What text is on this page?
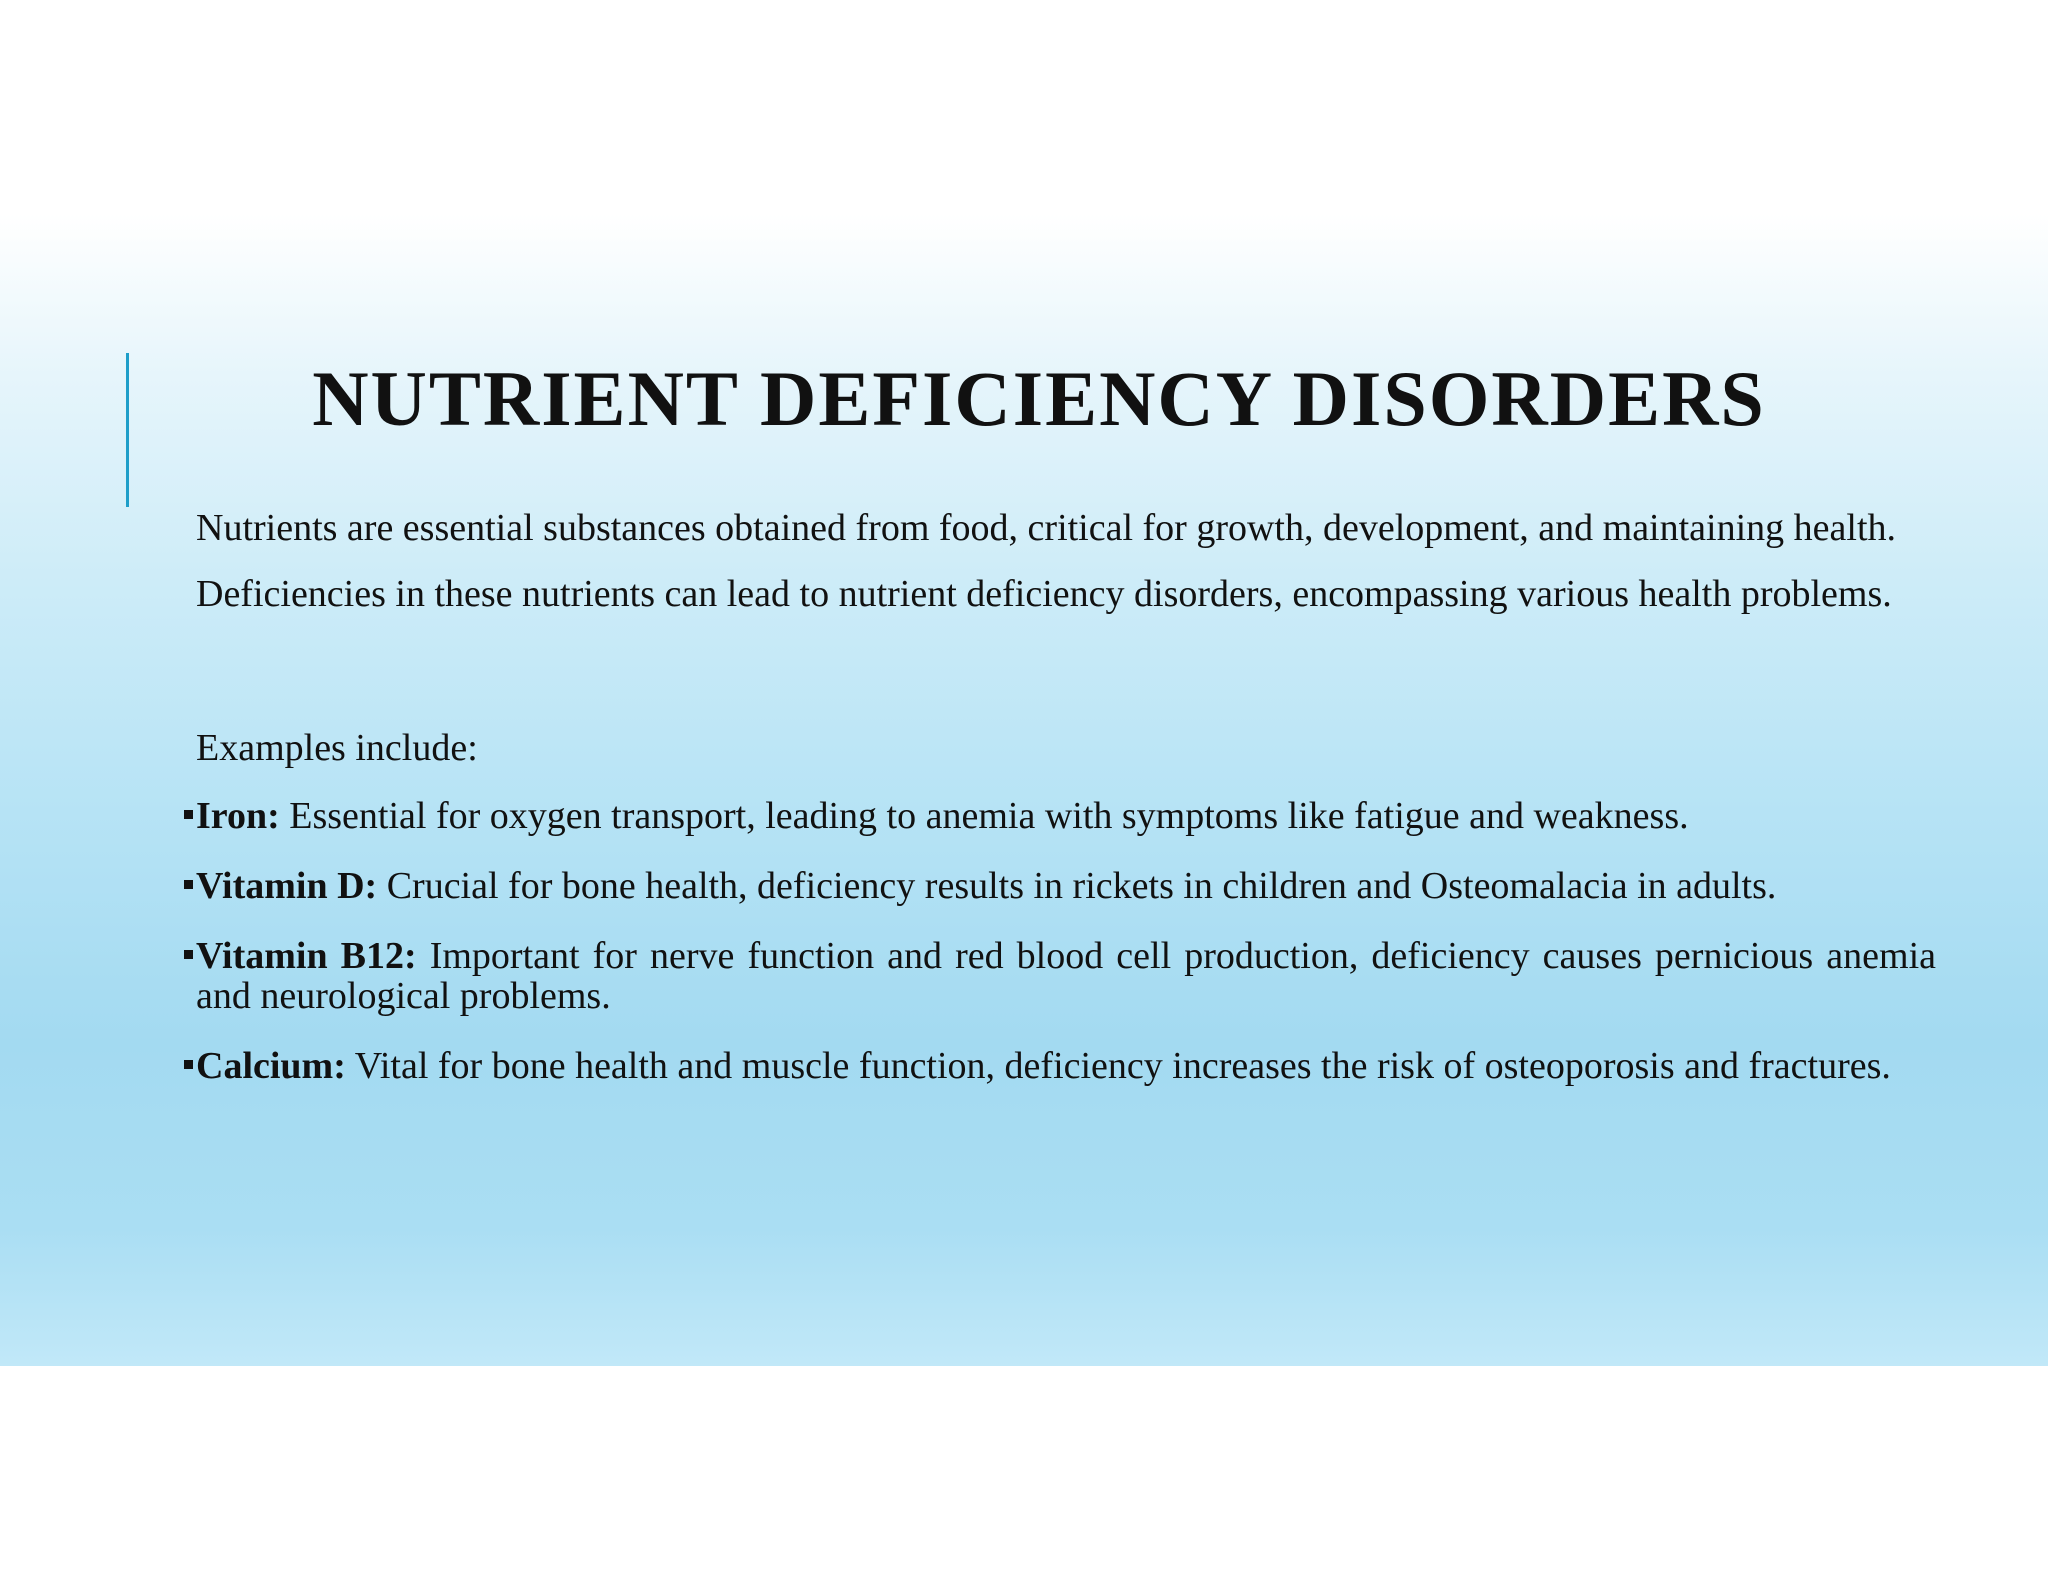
NUTRIENT DEFICIENCY DISORDERS

Nutrients are essential substances obtained from food, critical for growth, development, and maintaining health.

Deficiencies in these nutrients can lead to nutrient deficiency disorders, encompassing various health problems.

Examples include:

Iron: Essential for oxygen transport, leading to anemia with symptoms like fatigue and weakness.

Vitamin D: Crucial for bone health, deficiency results in rickets in children and Osteomalacia in adults.

Vitamin B12: Important for nerve function and red blood cell production, deficiency causes pernicious anemia and neurological problems.

Calcium: Vital for bone health and muscle function, deficiency increases the risk of osteoporosis and fractures.
